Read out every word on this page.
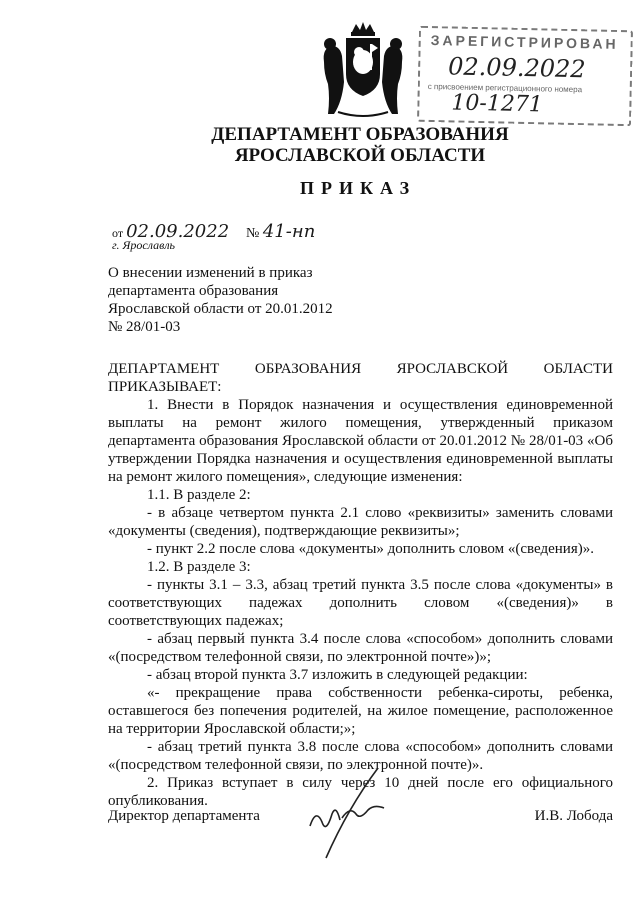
ЗАРЕГИСТРИРОВАН
02.09.2022
с присвоением регистрационного номера
10-1271
ДЕПАРТАМЕНТ ОБРАЗОВАНИЯ
ЯРОСЛАВСКОЙ ОБЛАСТИ
ПРИКАЗ
от 02.09.2022 № 41-нп
г. Ярославль
О внесении изменений в приказ
департамента образования
Ярославской области от 20.01.2012
№ 28/01-03

ДЕПАРТАМЕНТ ОБРАЗОВАНИЯ ЯРОСЛАВСКОЙ ОБЛАСТИ

ПРИКАЗЫВАЕТ:

1. Внести в Порядок назначения и осуществления единовременной выплаты на ремонт жилого помещения, утвержденный приказом департамента образования Ярославской области от 20.01.2012 № 28/01-03 «Об утверждении Порядка назначения и осуществления единовременной выплаты на ремонт жилого помещения», следующие изменения:

1.1. В разделе 2:

- в абзаце четвертом пункта 2.1 слово «реквизиты» заменить словами «документы (сведения), подтверждающие реквизиты»;

- пункт 2.2 после слова «документы» дополнить словом «(сведения)».

1.2. В разделе 3:

- пункты 3.1 – 3.3, абзац третий пункта 3.5 после слова «документы» в соответствующих падежах дополнить словом «(сведения)» в соответствующих падежах;

- абзац первый пункта 3.4 после слова «способом» дополнить словами «(посредством телефонной связи, по электронной почте»)»;

- абзац второй пункта 3.7 изложить в следующей редакции:

«- прекращение права собственности ребенка-сироты, ребенка, оставшегося без попечения родителей, на жилое помещение, расположенное на территории Ярославской области;»;

- абзац третий пункта 3.8 после слова «способом» дополнить словами «(посредством телефонной связи, по электронной почте)».

2. Приказ вступает в силу через 10 дней после его официального опубликования.

Директор департамента	И.В. Лобода
